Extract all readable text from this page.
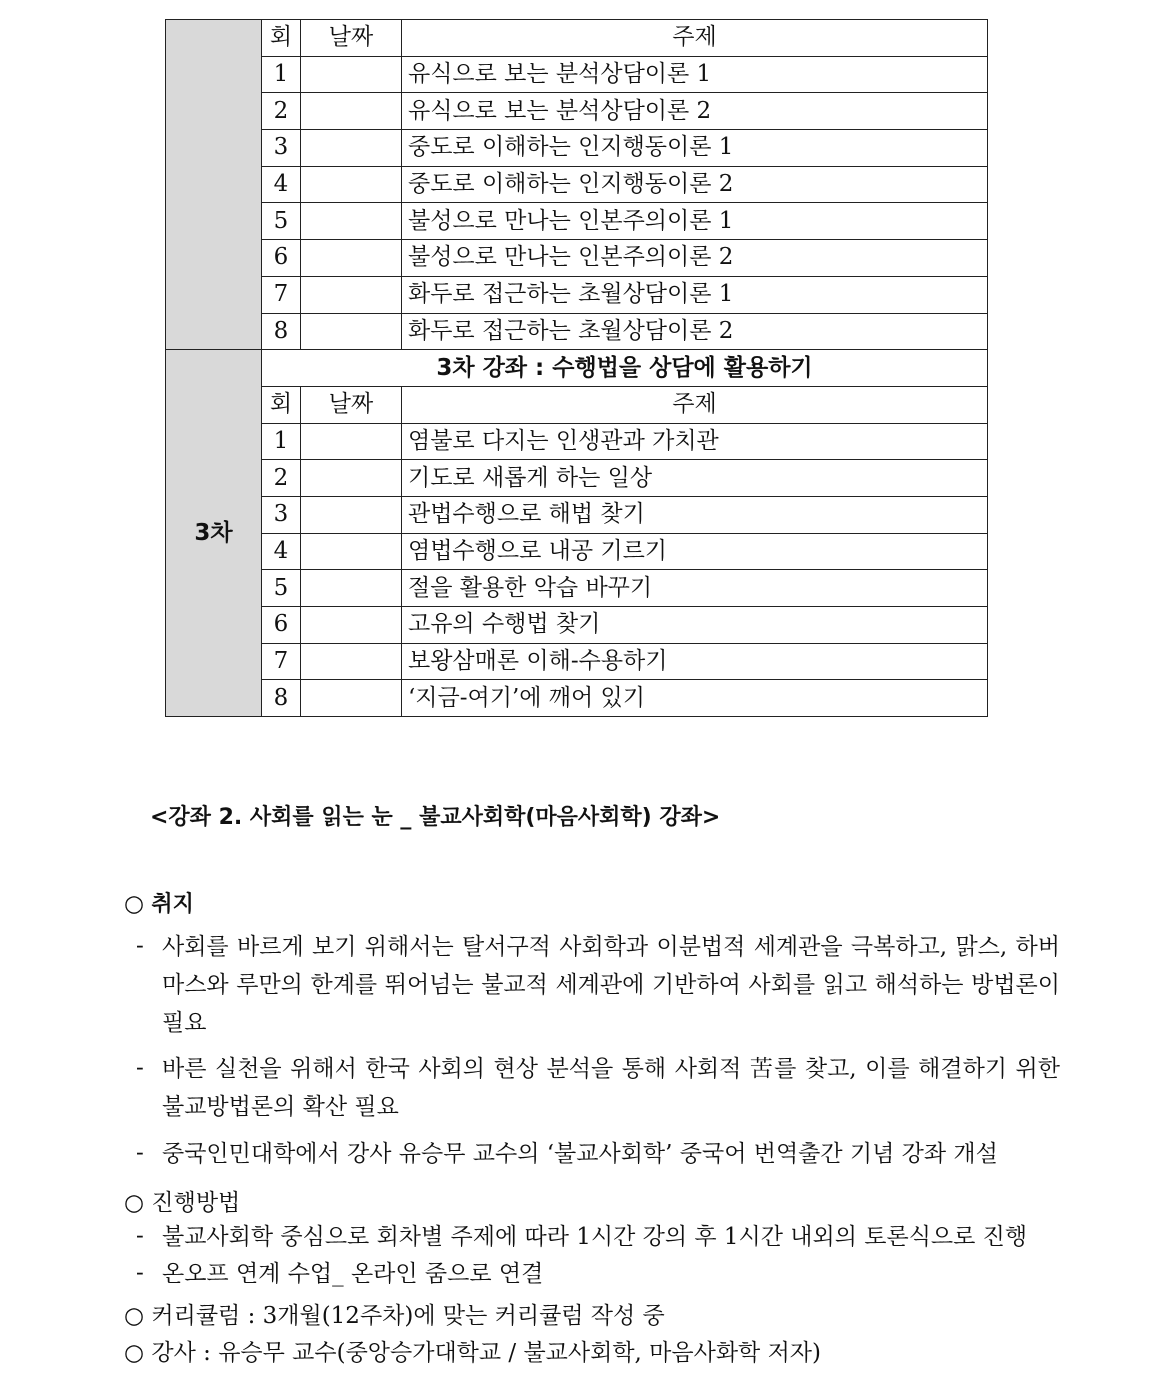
	회	날짜	주제
	1		유식으로 보는 분석상담이론 1
	2		유식으로 보는 분석상담이론 2
	3		중도로 이해하는 인지행동이론 1
	4		중도로 이해하는 인지행동이론 2
	5		불성으로 만나는 인본주의이론 1
	6		불성으로 만나는 인본주의이론 2
	7		화두로 접근하는 초월상담이론 1
	8		화두로 접근하는 초월상담이론 2
3차	3차 강좌 : 수행법을 상담에 활용하기		
	회	날짜	주제
	1		염불로 다지는 인생관과 가치관
	2		기도로 새롭게 하는 일상
	3		관법수행으로 해법 찾기
	4		염법수행으로 내공 기르기
	5		절을 활용한 악습 바꾸기
	6		고유의 수행법 찾기
	7		보왕삼매론 이해-수용하기
	8		‘지금-여기’에 깨어 있기
<강좌 2. 사회를 읽는 눈 _ 불교사회학(마음사회학) 강좌>
○ 취지
- 사회를 바르게 보기 위해서는 탈서구적 사회학과 이분법적 세계관을 극복하고, 맑스, 하버마스와 루만의 한계를 뛰어넘는 불교적 세계관에 기반하여 사회를 읽고 해석하는 방법론이 필요
- 바른 실천을 위해서 한국 사회의 현상 분석을 통해 사회적 苦를 찾고, 이를 해결하기 위한 불교방법론의 확산 필요
- 중국인민대학에서 강사 유승무 교수의 ‘불교사회학’ 중국어 번역출간 기념 강좌 개설
○ 진행방법
- 불교사회학 중심으로 회차별 주제에 따라 1시간 강의 후 1시간 내외의 토론식으로 진행
- 온오프 연계 수업_ 온라인 줌으로 연결
○ 커리큘럼 : 3개월(12주차)에 맞는 커리큘럼 작성 중
○ 강사 : 유승무 교수(중앙승가대학교 / 불교사회학, 마음사화학 저자)
